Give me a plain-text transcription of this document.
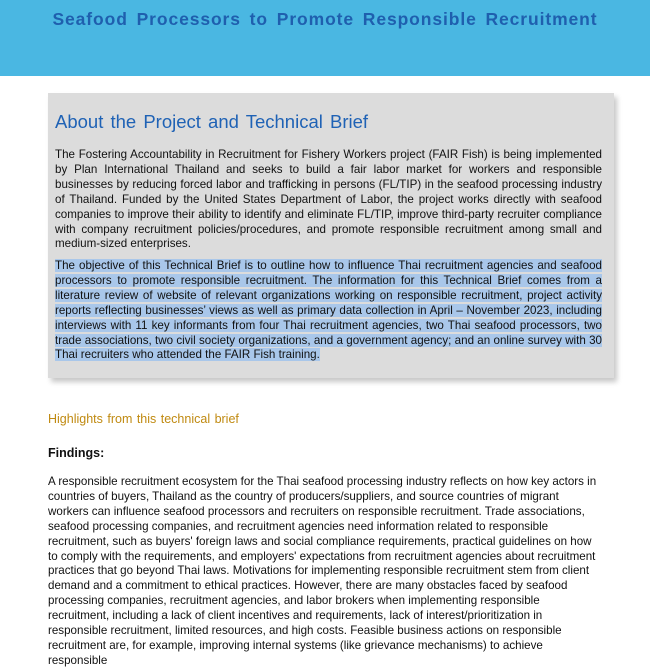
Seafood Processors to Promote Responsible Recruitment
About the Project and Technical Brief

The Fostering Accountability in Recruitment for Fishery Workers project (FAIR Fish) is being implemented by Plan International Thailand and seeks to build a fair labor market for workers and responsible businesses by reducing forced labor and trafficking in persons (FL/TIP) in the seafood processing industry of Thailand. Funded by the United States Department of Labor, the project works directly with seafood companies to improve their ability to identify and eliminate FL/TIP, improve third-party recruiter compliance with company recruitment policies/procedures, and promote responsible recruitment among small and medium-sized enterprises.

The objective of this Technical Brief is to outline how to influence Thai recruitment agencies and seafood processors to promote responsible recruitment. The information for this Technical Brief comes from a literature review of website of relevant organizations working on responsible recruitment, project activity reports reflecting businesses’ views as well as primary data collection in April – November 2023, including interviews with 11 key informants from four Thai recruitment agencies, two Thai seafood processors, two trade associations, two civil society organizations, and a government agency; and an online survey with 30 Thai recruiters who attended the FAIR Fish training.

Highlights from this technical brief
Findings:

A responsible recruitment ecosystem for the Thai seafood processing industry reflects on how key actors in countries of buyers, Thailand as the country of producers/suppliers, and source countries of migrant workers can influence seafood processors and recruiters on responsible recruitment. Trade associations, seafood processing companies, and recruitment agencies need information related to responsible recruitment, such as buyers' foreign laws and social compliance requirements, practical guidelines on how to comply with the requirements, and employers' expectations from recruitment agencies about recruitment practices that go beyond Thai laws. Motivations for implementing responsible recruitment stem from client demand and a commitment to ethical practices. However, there are many obstacles faced by seafood processing companies, recruitment agencies, and labor brokers when implementing responsible recruitment, including a lack of client incentives and requirements, lack of interest/prioritization in responsible recruitment, limited resources, and high costs. Feasible business actions on responsible recruitment are, for example, improving internal systems (like grievance mechanisms) to achieve responsible
